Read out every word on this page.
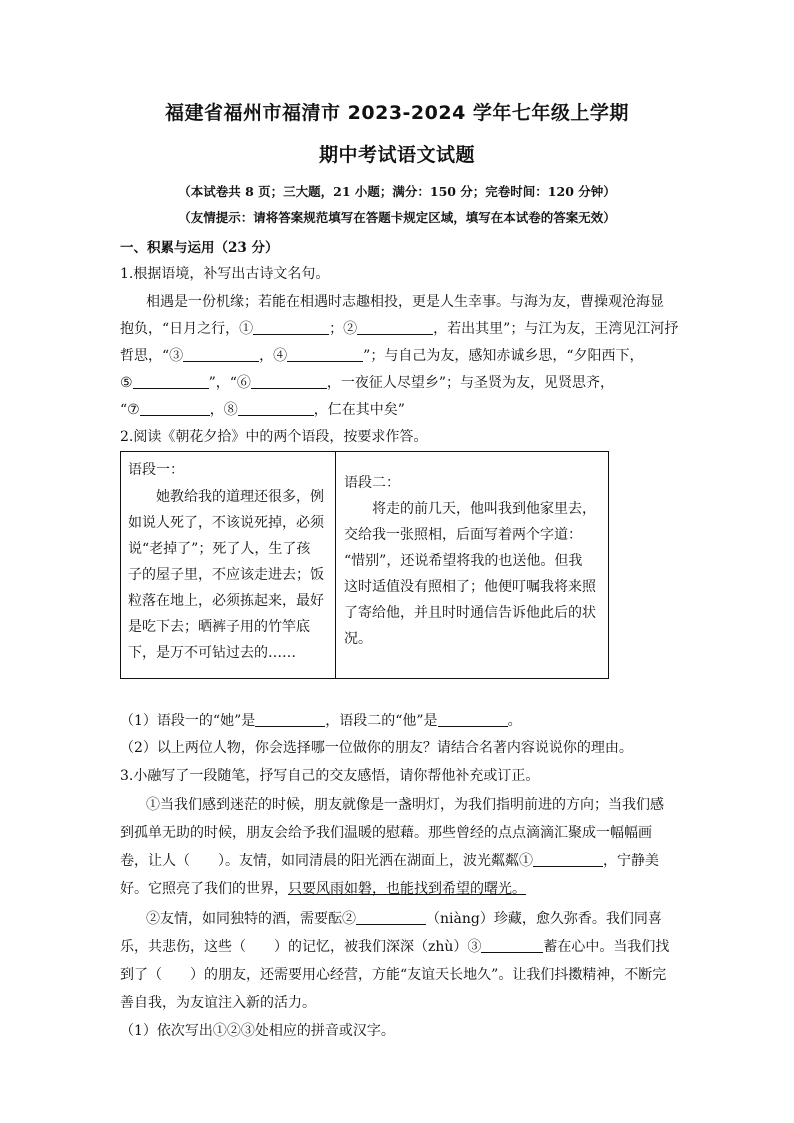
福建省福州市福清市 2023-2024 学年七年级上学期
期中考试语文试题
（本试卷共 8 页；三大题，21 小题；满分：150 分；完卷时间：120 分钟）
（友情提示：请将答案规范填写在答题卡规定区域，填写在本试卷的答案无效）
一、积累与运用（23 分）
1.根据语境，补写出古诗文名句。
相遇是一份机缘；若能在相遇时志趣相投，更是人生幸事。与海为友，曹操观沧海显
抱负，“日月之行，①	；②	，若出其里”；与江为友，王湾见江河抒
哲思，“③	，④	”；与自己为友，感知赤诚乡思，“夕阳西下，
⑤	”，“⑥	，一夜征人尽望乡”；与圣贤为友，见贤思齐，
“⑦	，⑧	，仁在其中矣”
2.阅读《朝花夕拾》中的两个语段，按要求作答。
语段一：
她教给我的道理还很多，例
如说人死了，不该说死掉，必须
说“老掉了”；死了人，生了孩
子的屋子里，不应该走进去；饭
粒落在地上，必须拣起来，最好
是吃下去；晒裤子用的竹竿底
下，是万不可钻过去的……
语段二：
将走的前几天，他叫我到他家里去，
交给我一张照相，后面写着两个字道：
“惜别”，还说希望将我的也送他。但我
这时适值没有照相了；他便叮嘱我将来照
了寄给他，并且时时通信告诉他此后的状
况。
（1）语段一的“她”是	，语段二的“他”是	。
（2）以上两位人物，你会选择哪一位做你的朋友？请结合名著内容说说你的理由。
3.小融写了一段随笔，抒写自己的交友感悟，请你帮他补充或订正。
①当我们感到迷茫的时候，朋友就像是一盏明灯，为我们指明前进的方向；当我们感
到孤单无助的时候，朋友会给予我们温暖的慰藉。那些曾经的点点滴滴汇聚成一幅幅画
卷，让人（　　）。友情，如同清晨的阳光洒在湖面上，波光粼粼①	，宁静美
好。它照亮了我们的世界，只要风雨如磐，也能找到希望的曙光。
②友情，如同独特的酒，需要酝②	（niàng）珍藏，愈久弥香。我们同喜
乐，共悲伤，这些（　　）的记忆，被我们深深（zhù）③	蓄在心中。当我们找
到了（　　）的朋友，还需要用心经营，方能“友谊天长地久”。让我们抖擞精神，不断完
善自我，为友谊注入新的活力。
（1）依次写出①②③处相应的拼音或汉字。
